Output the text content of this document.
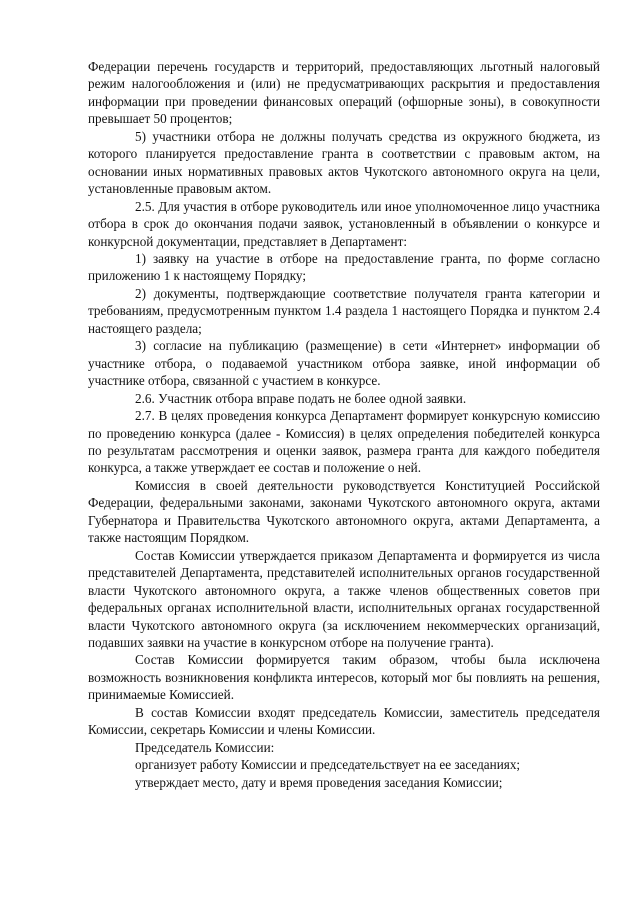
Федерации перечень государств и территорий, предоставляющих льготный налоговый режим налогообложения и (или) не предусматривающих раскрытия и предоставления информации при проведении финансовых операций (офшорные зоны), в совокупности превышает 50 процентов;

5) участники отбора не должны получать средства из окружного бюджета, из которого планируется предоставление гранта в соответствии с правовым актом, на основании иных нормативных правовых актов Чукотского автономного округа на цели, установленные правовым актом.

2.5. Для участия в отборе руководитель или иное уполномоченное лицо участника отбора в срок до окончания подачи заявок, установленный в объявлении о конкурсе и конкурсной документации, представляет в Департамент:

1) заявку на участие в отборе на предоставление гранта, по форме согласно приложению 1 к настоящему Порядку;

2) документы, подтверждающие соответствие получателя гранта категории и требованиям, предусмотренным пунктом 1.4 раздела 1 настоящего Порядка и пунктом 2.4 настоящего раздела;

3) согласие на публикацию (размещение) в сети «Интернет» информации об участнике отбора, о подаваемой участником отбора заявке, иной информации об участнике отбора, связанной с участием в конкурсе.

2.6. Участник отбора вправе подать не более одной заявки.

2.7. В целях проведения конкурса Департамент формирует конкурсную комиссию по проведению конкурса (далее - Комиссия) в целях определения победителей конкурса по результатам рассмотрения и оценки заявок, размера гранта для каждого победителя конкурса, а также утверждает ее состав и положение о ней.

Комиссия в своей деятельности руководствуется Конституцией Российской Федерации, федеральными законами, законами Чукотского автономного округа, актами Губернатора и Правительства Чукотского автономного округа, актами Департамента, а также настоящим Порядком.

Состав Комиссии утверждается приказом Департамента и формируется из числа представителей Департамента, представителей исполнительных органов государственной власти Чукотского автономного округа, а также членов общественных советов при федеральных органах исполнительной власти, исполнительных органах государственной власти Чукотского автономного округа (за исключением некоммерческих организаций, подавших заявки на участие в конкурсном отборе на получение гранта).

Состав Комиссии формируется таким образом, чтобы была исключена возможность возникновения конфликта интересов, который мог бы повлиять на решения, принимаемые Комиссией.

В состав Комиссии входят председатель Комиссии, заместитель председателя Комиссии, секретарь Комиссии и члены Комиссии.

Председатель Комиссии:

организует работу Комиссии и председательствует на ее заседаниях;

утверждает место, дату и время проведения заседания Комиссии;
